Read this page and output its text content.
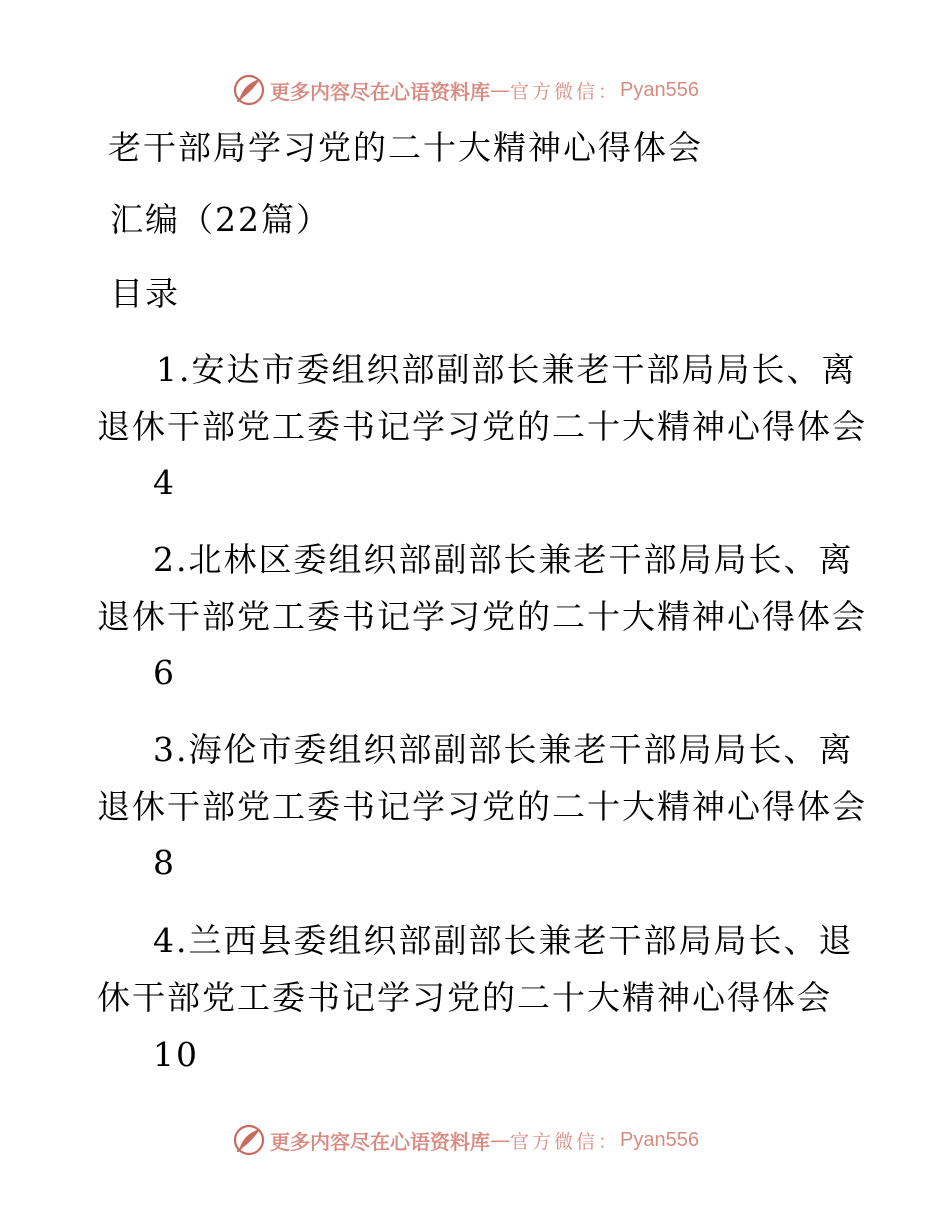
更多内容尽在心语资料库 — 官方微信： Pyan556
老干部局学习党的二十大精神心得体会
汇编（22篇）
目录
1.安达市委组织部副部长兼老干部局局长、离
退休干部党工委书记学习党的二十大精神心得体会
4
2.北林区委组织部副部长兼老干部局局长、离
退休干部党工委书记学习党的二十大精神心得体会
6
3.海伦市委组织部副部长兼老干部局局长、离
退休干部党工委书记学习党的二十大精神心得体会
8
4.兰西县委组织部副部长兼老干部局局长、退
休干部党工委书记学习党的二十大精神心得体会
10
更多内容尽在心语资料库 — 官方微信： Pyan556
